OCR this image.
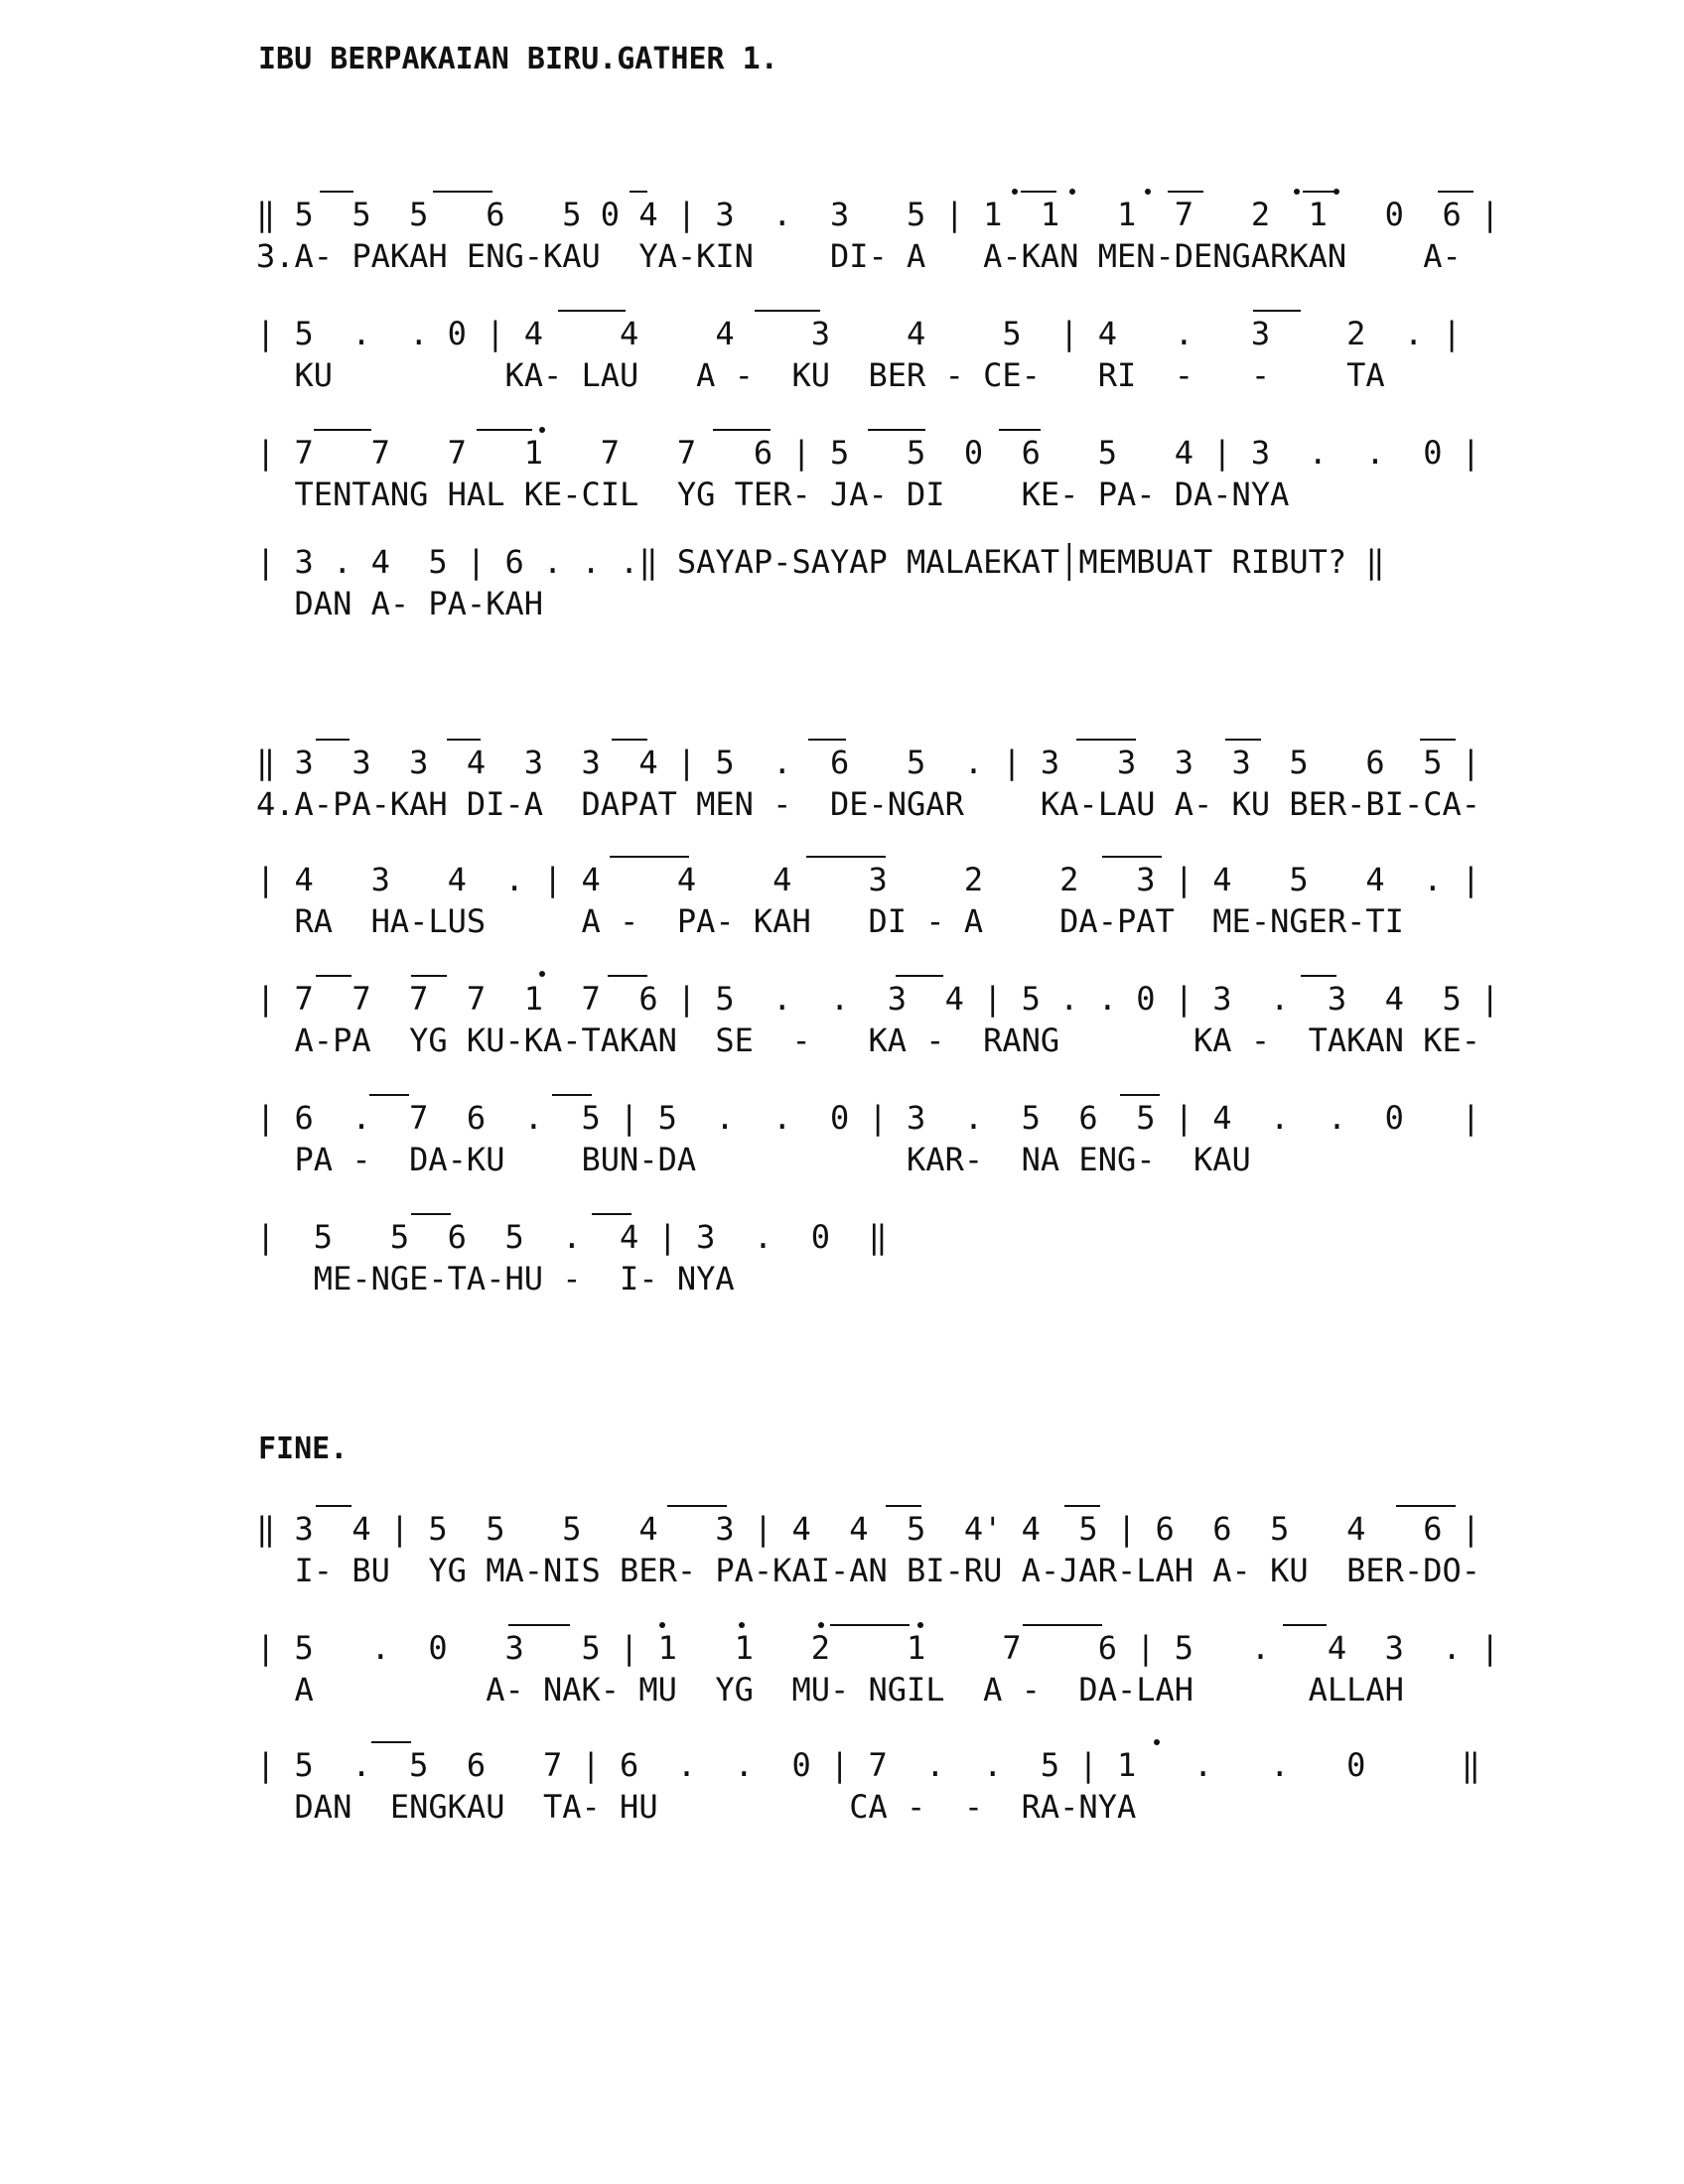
IBU BERPAKAIAN BIRU.GATHER 1.
‖ 5  5  5   6   5 0 4 | 3  .  3   5 | 1  1   1  7   2  1   0  6 |
3.A- PAKAH ENG-KAU  YA-KIN    DI- A   A-KAN MEN-DENGARKAN    A-
| 5  .  . 0 | 4    4    4    3    4    5  | 4   .   3    2  . |
KU         KA- LAU   A -  KU  BER - CE-   RI  -   -    TA
| 7   7   7   1   7   7   6 | 5   5  0  6   5   4 | 3  .  .  0 |
TENTANG HAL KE-CIL  YG TER- JA- DI    KE- PA- DA-NYA
| 3 . 4  5 | 6 . . .‖ SAYAP-SAYAP MALAEKAT│MEMBUAT RIBUT? ‖
DAN A- PA-KAH
‖ 3  3  3  4  3  3  4 | 5  .  6   5  . | 3   3  3  3  5   6  5 |
4.A-PA-KAH DI-A  DAPAT MEN -  DE-NGAR    KA-LAU A- KU BER-BI-CA-
| 4   3   4  . | 4    4    4    3    2    2   3 | 4   5   4  . |
RA  HA-LUS     A -  PA- KAH   DI - A    DA-PAT  ME-NGER-TI
| 7  7  7  7  1  7  6 | 5  .  .  3  4 | 5 . . 0 | 3  .  3  4  5 |
A-PA  YG KU-KA-TAKAN  SE  -   KA -  RANG       KA -  TAKAN KE-
| 6  .  7  6  .  5 | 5  .  .  0 | 3  .  5  6  5 | 4  .  .  0   |
PA -  DA-KU    BUN-DA           KAR-  NA ENG-  KAU
|  5   5  6  5  .  4 | 3  .  0  ‖
ME-NGE-TA-HU -  I- NYA
FINE.
‖ 3  4 | 5  5   5   4   3 | 4  4  5  4' 4  5 | 6  6  5   4   6 |
I- BU  YG MA-NIS BER- PA-KAI-AN BI-RU A-JAR-LAH A- KU  BER-DO-
| 5   .  0   3   5 | 1   1   2    1    7    6 | 5   .   4  3  . |
A         A- NAK- MU  YG  MU- NGIL  A -  DA-LAH      ALLAH
| 5  .  5  6   7 | 6  .  .  0 | 7  .  .  5 | 1   .   .   0     ‖
DAN  ENGKAU  TA- HU          CA -  -  RA-NYA
